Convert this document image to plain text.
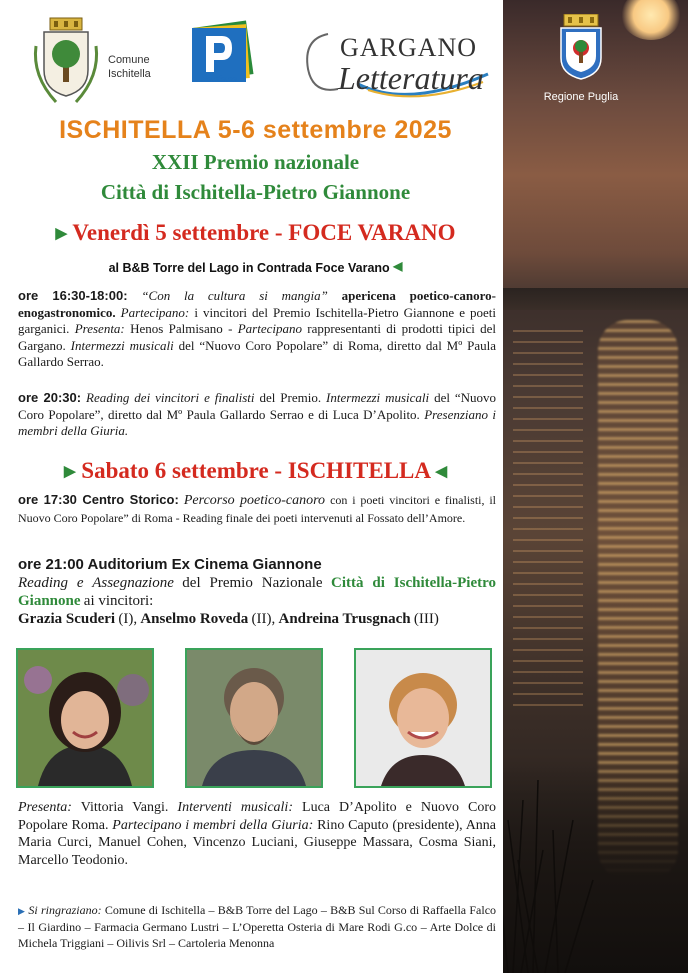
Regione Puglia
Comune
Ischitella	Periferie
GARGANO
Letteratura
ISCHITELLA 5-6 settembre 2025
XXII Premio nazionale
Città di Ischitella-Pietro Giannone
▶ Venerdì 5 settembre - FOCE VARANO
al B&B Torre del Lago in Contrada Foce Varano ◀
ore 16:30-18:00: “Con la cultura si mangia” apericena poetico-canoro-enogastronomico. Partecipano: i vincitori del Premio Ischitella-Pietro Giannone e poeti garganici. Presenta: Henos Palmisano - Partecipano rappresentanti di prodotti tipici del Gargano. Intermezzi musicali del “Nuovo Coro Popolare” di Roma, diretto dal Mº Paula Gallardo Serrao.
ore 20:30: Reading dei vincitori e finalisti del Premio. Intermezzi musicali del “Nuovo Coro Popolare”, diretto dal Mº Paula Gallardo Serrao e di Luca D’Apolito. Presenziano i membri della Giuria.
▶ Sabato 6 settembre - ISCHITELLA ◀
ore 17:30 Centro Storico: Percorso poetico-canoro con i poeti vincitori e finalisti, il Nuovo Coro Popolare” di Roma - Reading finale dei poeti intervenuti al Fossato dell’Amore.
ore 21:00 Auditorium Ex Cinema Giannone
Reading e Assegnazione del Premio Nazionale Città di Ischitella-Pietro Giannone ai vincitori:
Grazia Scuderi (I), Anselmo Roveda (II), Andreina Trusgnach (III)
Presenta: Vittoria Vangi. Interventi musicali: Luca D’Apolito e Nuovo Coro Popolare Roma. Partecipano i membri della Giuria: Rino Caputo (presidente), Anna Maria Curci, Manuel Cohen, Vincenzo Luciani, Giuseppe Massara, Cosma Siani, Marcello Teodonio.
▶ Si ringraziano: Comune di Ischitella – B&B Torre del Lago – B&B Sul Corso di Raffaella Falco – Il Giardino – Farmacia Germano Lustri – L’Operetta Osteria di Mare Rodi G.co – Arte Dolce di Michela Triggiani – Oilivis Srl – Cartoleria Menonna
